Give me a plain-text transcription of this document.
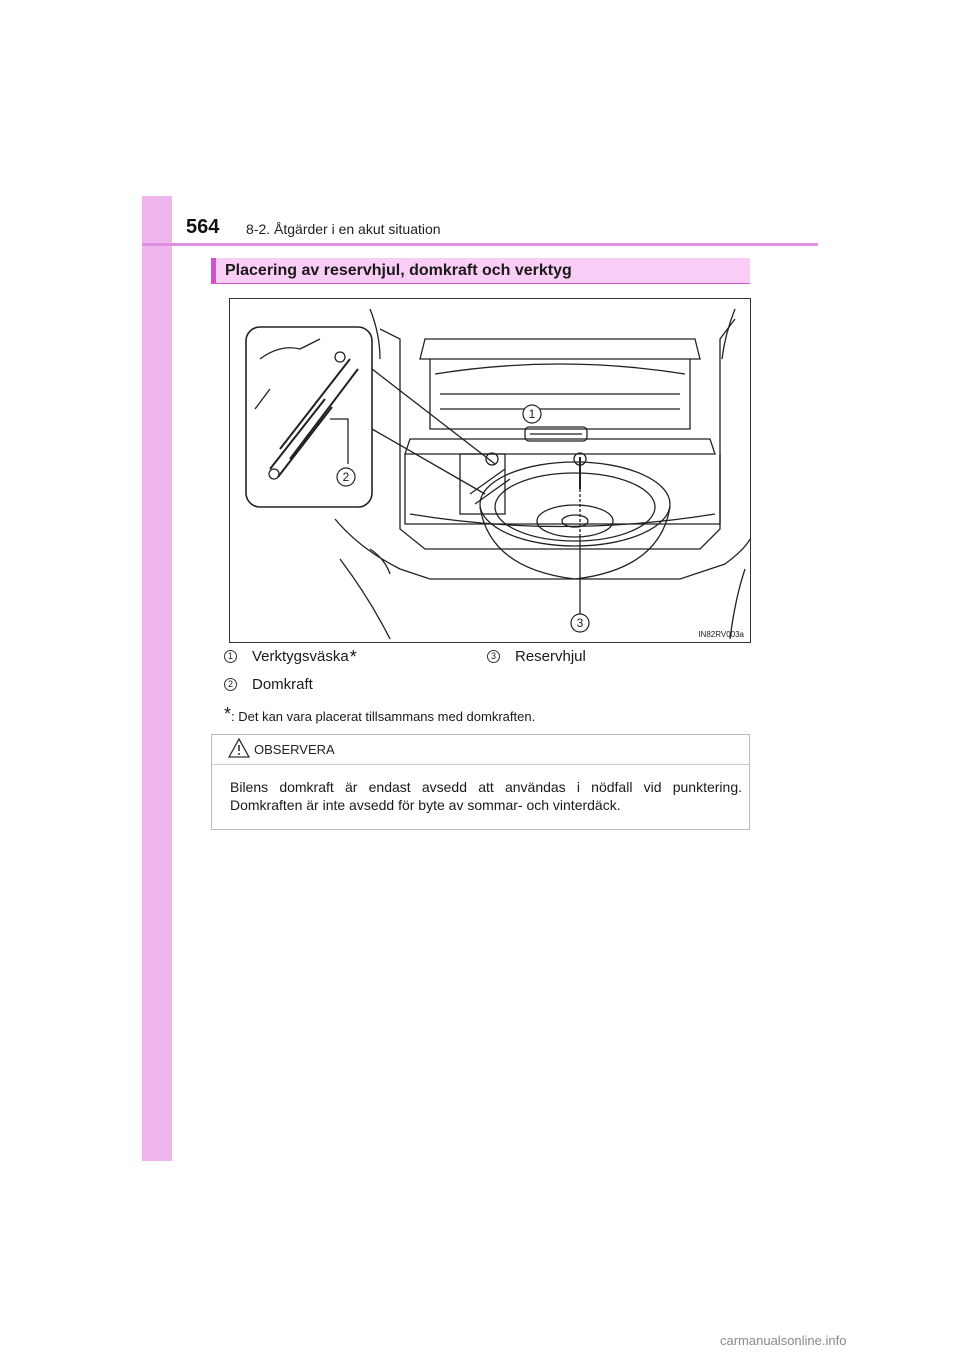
564 8-2. Åtgärder i en akut situation
Placering av reservhjul, domkraft och verktyg
1
2
3
IN82RV003a
1 Verktygsväska *
2 Domkraft
3 Reservhjul
*: Det kan vara placerat tillsammans med domkraften.
OBSERVERA
Bilens domkraft är endast avsedd att användas i nödfall vid punktering. Domkraften är inte avsedd för byte av sommar- och vinterdäck.
carmanualsonline.info
